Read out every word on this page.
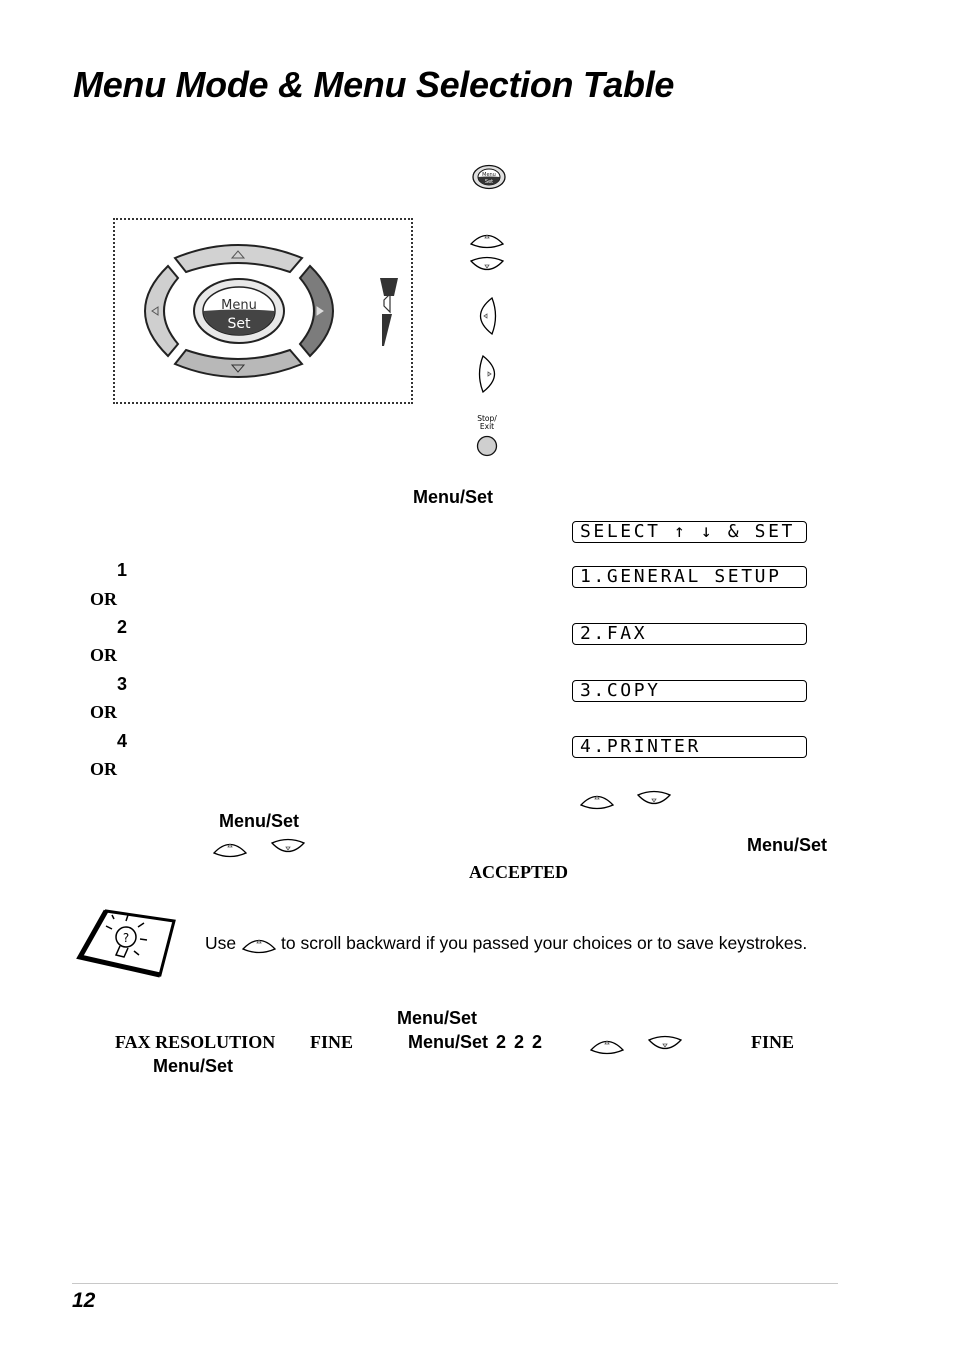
Menu Mode & Menu Selection Table
Menu
Set
Menu
Set
Stop/
Exit
Menu/Set
SELECT ↑ ↓ & SET
1	1.GENERAL SETUP
OR
2	2.FAX
OR
3	3.COPY
OR
4	4.PRINTER
OR
Menu/Set
Menu/Set
ACCEPTED
?	Use	to scroll backward if you passed your choices or to save keystrokes.
Menu/Set
FAX RESOLUTION FINE	Menu/Set 2 2 2	FINE
Menu/Set
12
